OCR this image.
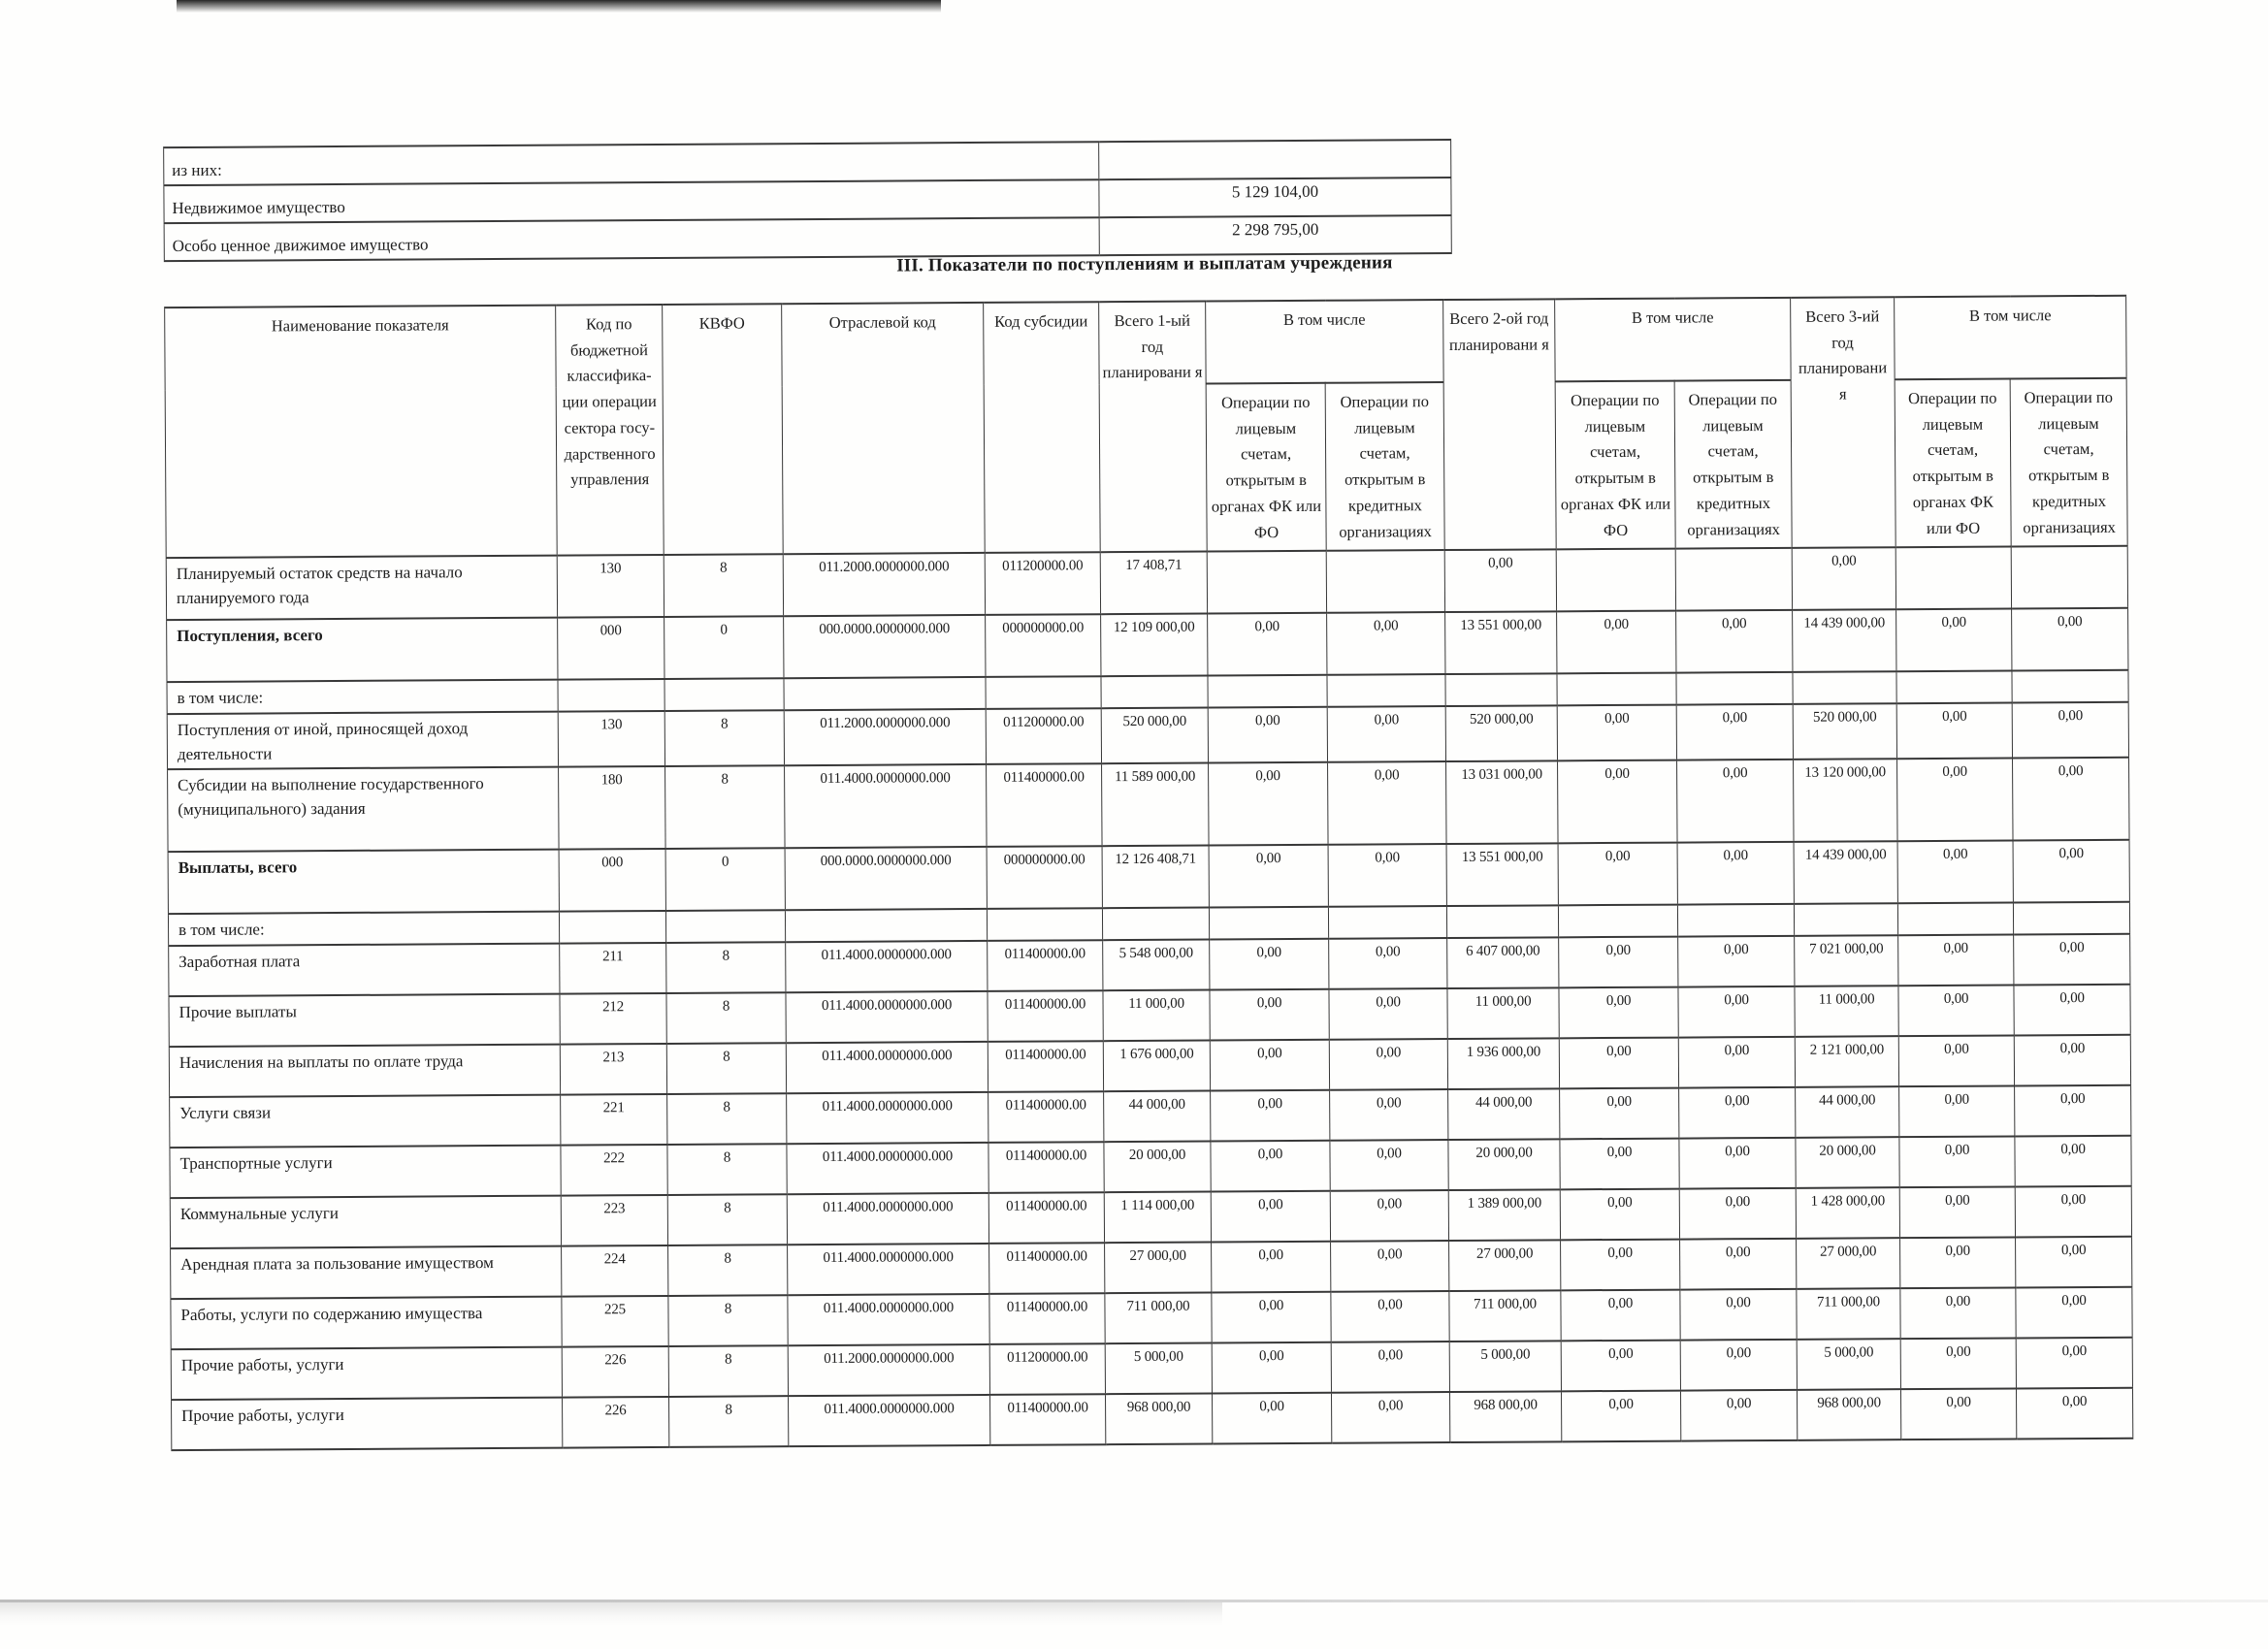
из них:	
Недвижимое имущество	5 129 104,00
Особо ценное движимое имущество	2 298 795,00
III. Показатели по поступлениям и выплатам учреждения
Наименование показателя	Код по бюджетной классифика- ции операции сектора госу- дарственного управления	КВФО	Отраслевой код	Код субсидии	Всего 1-ый год планировани я	В том числе		Всего 2-ой год планировани я	В том числе		Всего 3-ий год планировани я	В том числе	
						Операции по лицевым счетам, открытым в органах ФК или ФО	Операции по лицевым счетам, открытым в кредитных организациях		Операции по лицевым счетам, открытым в органах ФК или ФО	Операции по лицевым счетам, открытым в кредитных организациях		Операции по лицевым счетам, открытым в органах ФК или ФО	Операции по лицевым счетам, открытым в кредитных организациях
Планируемый остаток средств на начало планируемого года	130	8	011.2000.0000000.000	011200000.00	17 408,71			0,00			0,00		
Поступления, всего	000	0	000.0000.0000000.000	000000000.00	12 109 000,00	0,00	0,00	13 551 000,00	0,00	0,00	14 439 000,00	0,00	0,00
в том числе:													
Поступления от иной, приносящей доход деятельности	130	8	011.2000.0000000.000	011200000.00	520 000,00	0,00	0,00	520 000,00	0,00	0,00	520 000,00	0,00	0,00
Субсидии на выполнение государственного (муниципального) задания	180	8	011.4000.0000000.000	011400000.00	11 589 000,00	0,00	0,00	13 031 000,00	0,00	0,00	13 120 000,00	0,00	0,00
Выплаты, всего	000	0	000.0000.0000000.000	000000000.00	12 126 408,71	0,00	0,00	13 551 000,00	0,00	0,00	14 439 000,00	0,00	0,00
в том числе:													
Заработная плата	211	8	011.4000.0000000.000	011400000.00	5 548 000,00	0,00	0,00	6 407 000,00	0,00	0,00	7 021 000,00	0,00	0,00
Прочие выплаты	212	8	011.4000.0000000.000	011400000.00	11 000,00	0,00	0,00	11 000,00	0,00	0,00	11 000,00	0,00	0,00
Начисления на выплаты по оплате труда	213	8	011.4000.0000000.000	011400000.00	1 676 000,00	0,00	0,00	1 936 000,00	0,00	0,00	2 121 000,00	0,00	0,00
Услуги связи	221	8	011.4000.0000000.000	011400000.00	44 000,00	0,00	0,00	44 000,00	0,00	0,00	44 000,00	0,00	0,00
Транспортные услуги	222	8	011.4000.0000000.000	011400000.00	20 000,00	0,00	0,00	20 000,00	0,00	0,00	20 000,00	0,00	0,00
Коммунальные услуги	223	8	011.4000.0000000.000	011400000.00	1 114 000,00	0,00	0,00	1 389 000,00	0,00	0,00	1 428 000,00	0,00	0,00
Арендная плата за пользование имуществом	224	8	011.4000.0000000.000	011400000.00	27 000,00	0,00	0,00	27 000,00	0,00	0,00	27 000,00	0,00	0,00
Работы, услуги по содержанию имущества	225	8	011.4000.0000000.000	011400000.00	711 000,00	0,00	0,00	711 000,00	0,00	0,00	711 000,00	0,00	0,00
Прочие работы, услуги	226	8	011.2000.0000000.000	011200000.00	5 000,00	0,00	0,00	5 000,00	0,00	0,00	5 000,00	0,00	0,00
Прочие работы, услуги	226	8	011.4000.0000000.000	011400000.00	968 000,00	0,00	0,00	968 000,00	0,00	0,00	968 000,00	0,00	0,00
